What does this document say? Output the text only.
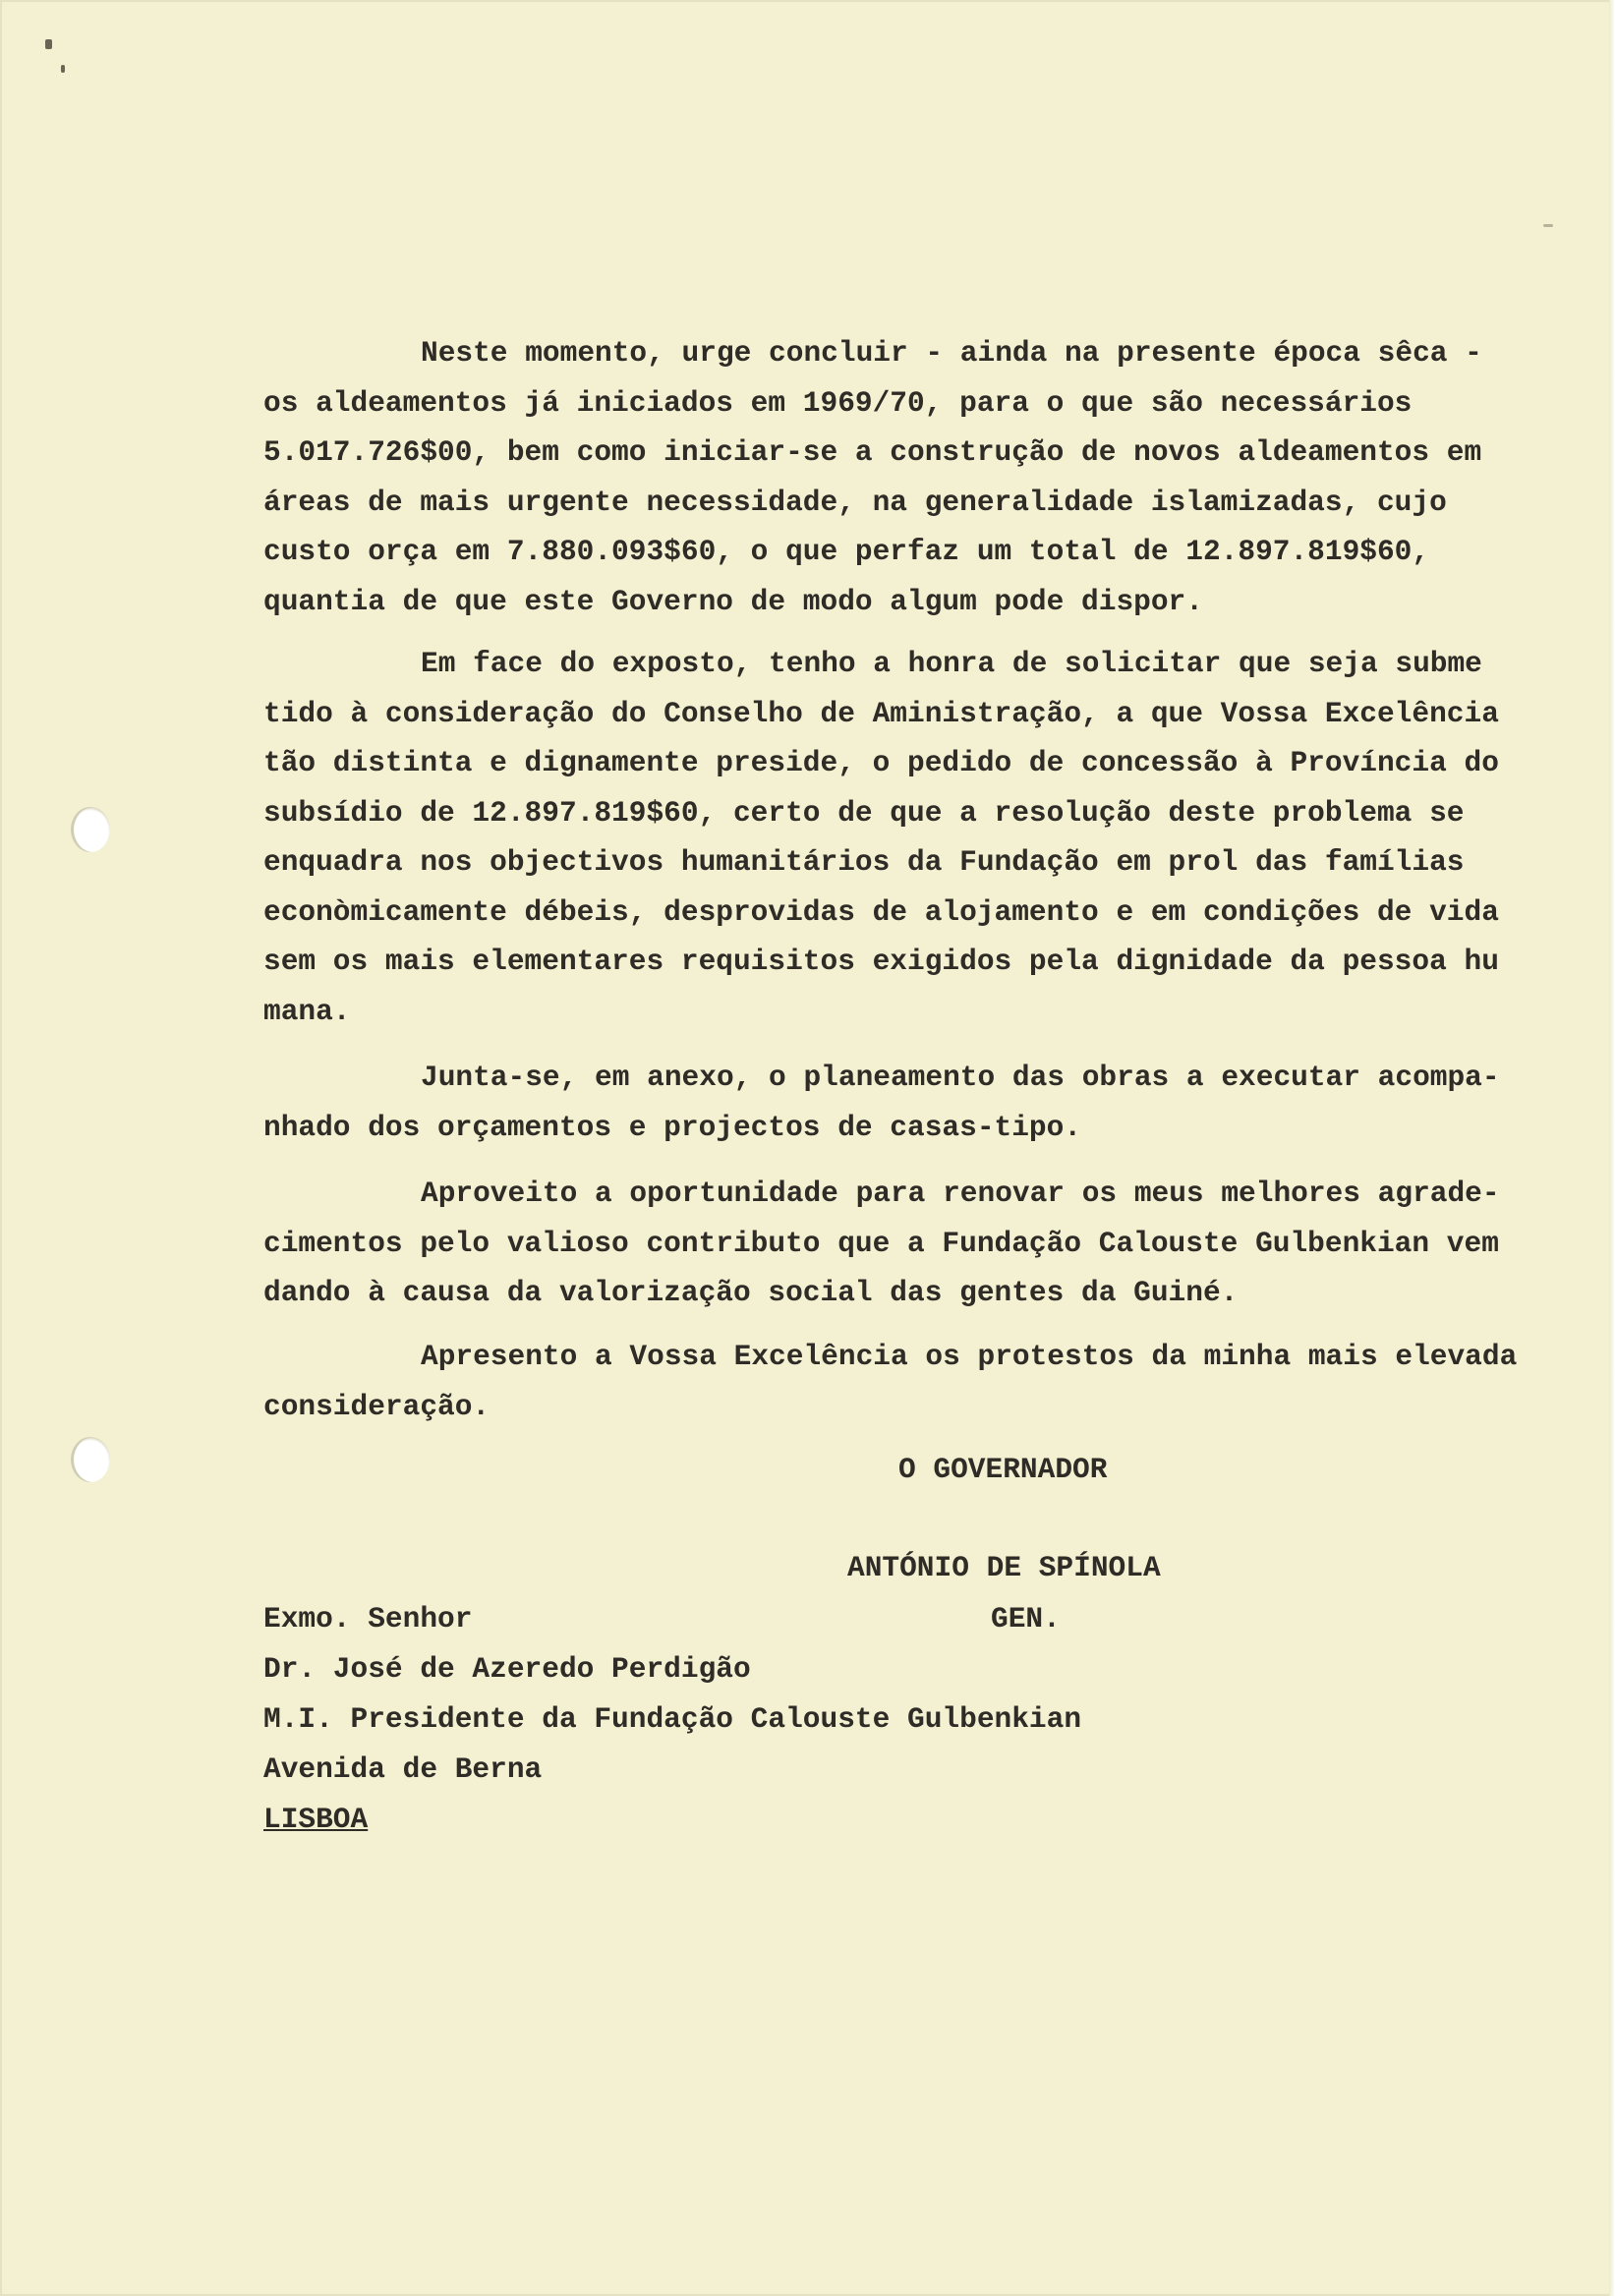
Neste momento, urge concluir - ainda na presente época sêca -
os aldeamentos já iniciados em 1969/70, para o que são necessários
5.017.726$00, bem como iniciar-se a construção de novos aldeamentos em
áreas de mais urgente necessidade, na generalidade islamizadas, cujo
custo orça em 7.880.093$60, o que perfaz um total de 12.897.819$60,
quantia de que este Governo de modo algum pode dispor.
Em face do exposto, tenho a honra de solicitar que seja subme
tido à consideração do Conselho de Aministração, a que Vossa Excelência
tão distinta e dignamente preside, o pedido de concessão à Província do
subsídio de 12.897.819$60, certo de que a resolução deste problema se
enquadra nos objectivos humanitários da Fundação em prol das famílias
econòmicamente débeis, desprovidas de alojamento e em condições de vida
sem os mais elementares requisitos exigidos pela dignidade da pessoa hu
mana.
Junta-se, em anexo, o planeamento das obras a executar acompa-
nhado dos orçamentos e projectos de casas-tipo.
Aproveito a oportunidade para renovar os meus melhores agrade-
cimentos pelo valioso contributo que a Fundação Calouste Gulbenkian vem
dando à causa da valorização social das gentes da Guiné.
Apresento a Vossa Excelência os protestos da minha mais elevada
consideração.
O GOVERNADOR
ANTÓNIO DE SPÍNOLA
GEN.
Exmo. Senhor
Dr. José de Azeredo Perdigão
M.I. Presidente da Fundação Calouste Gulbenkian
Avenida de Berna
LISBOA
